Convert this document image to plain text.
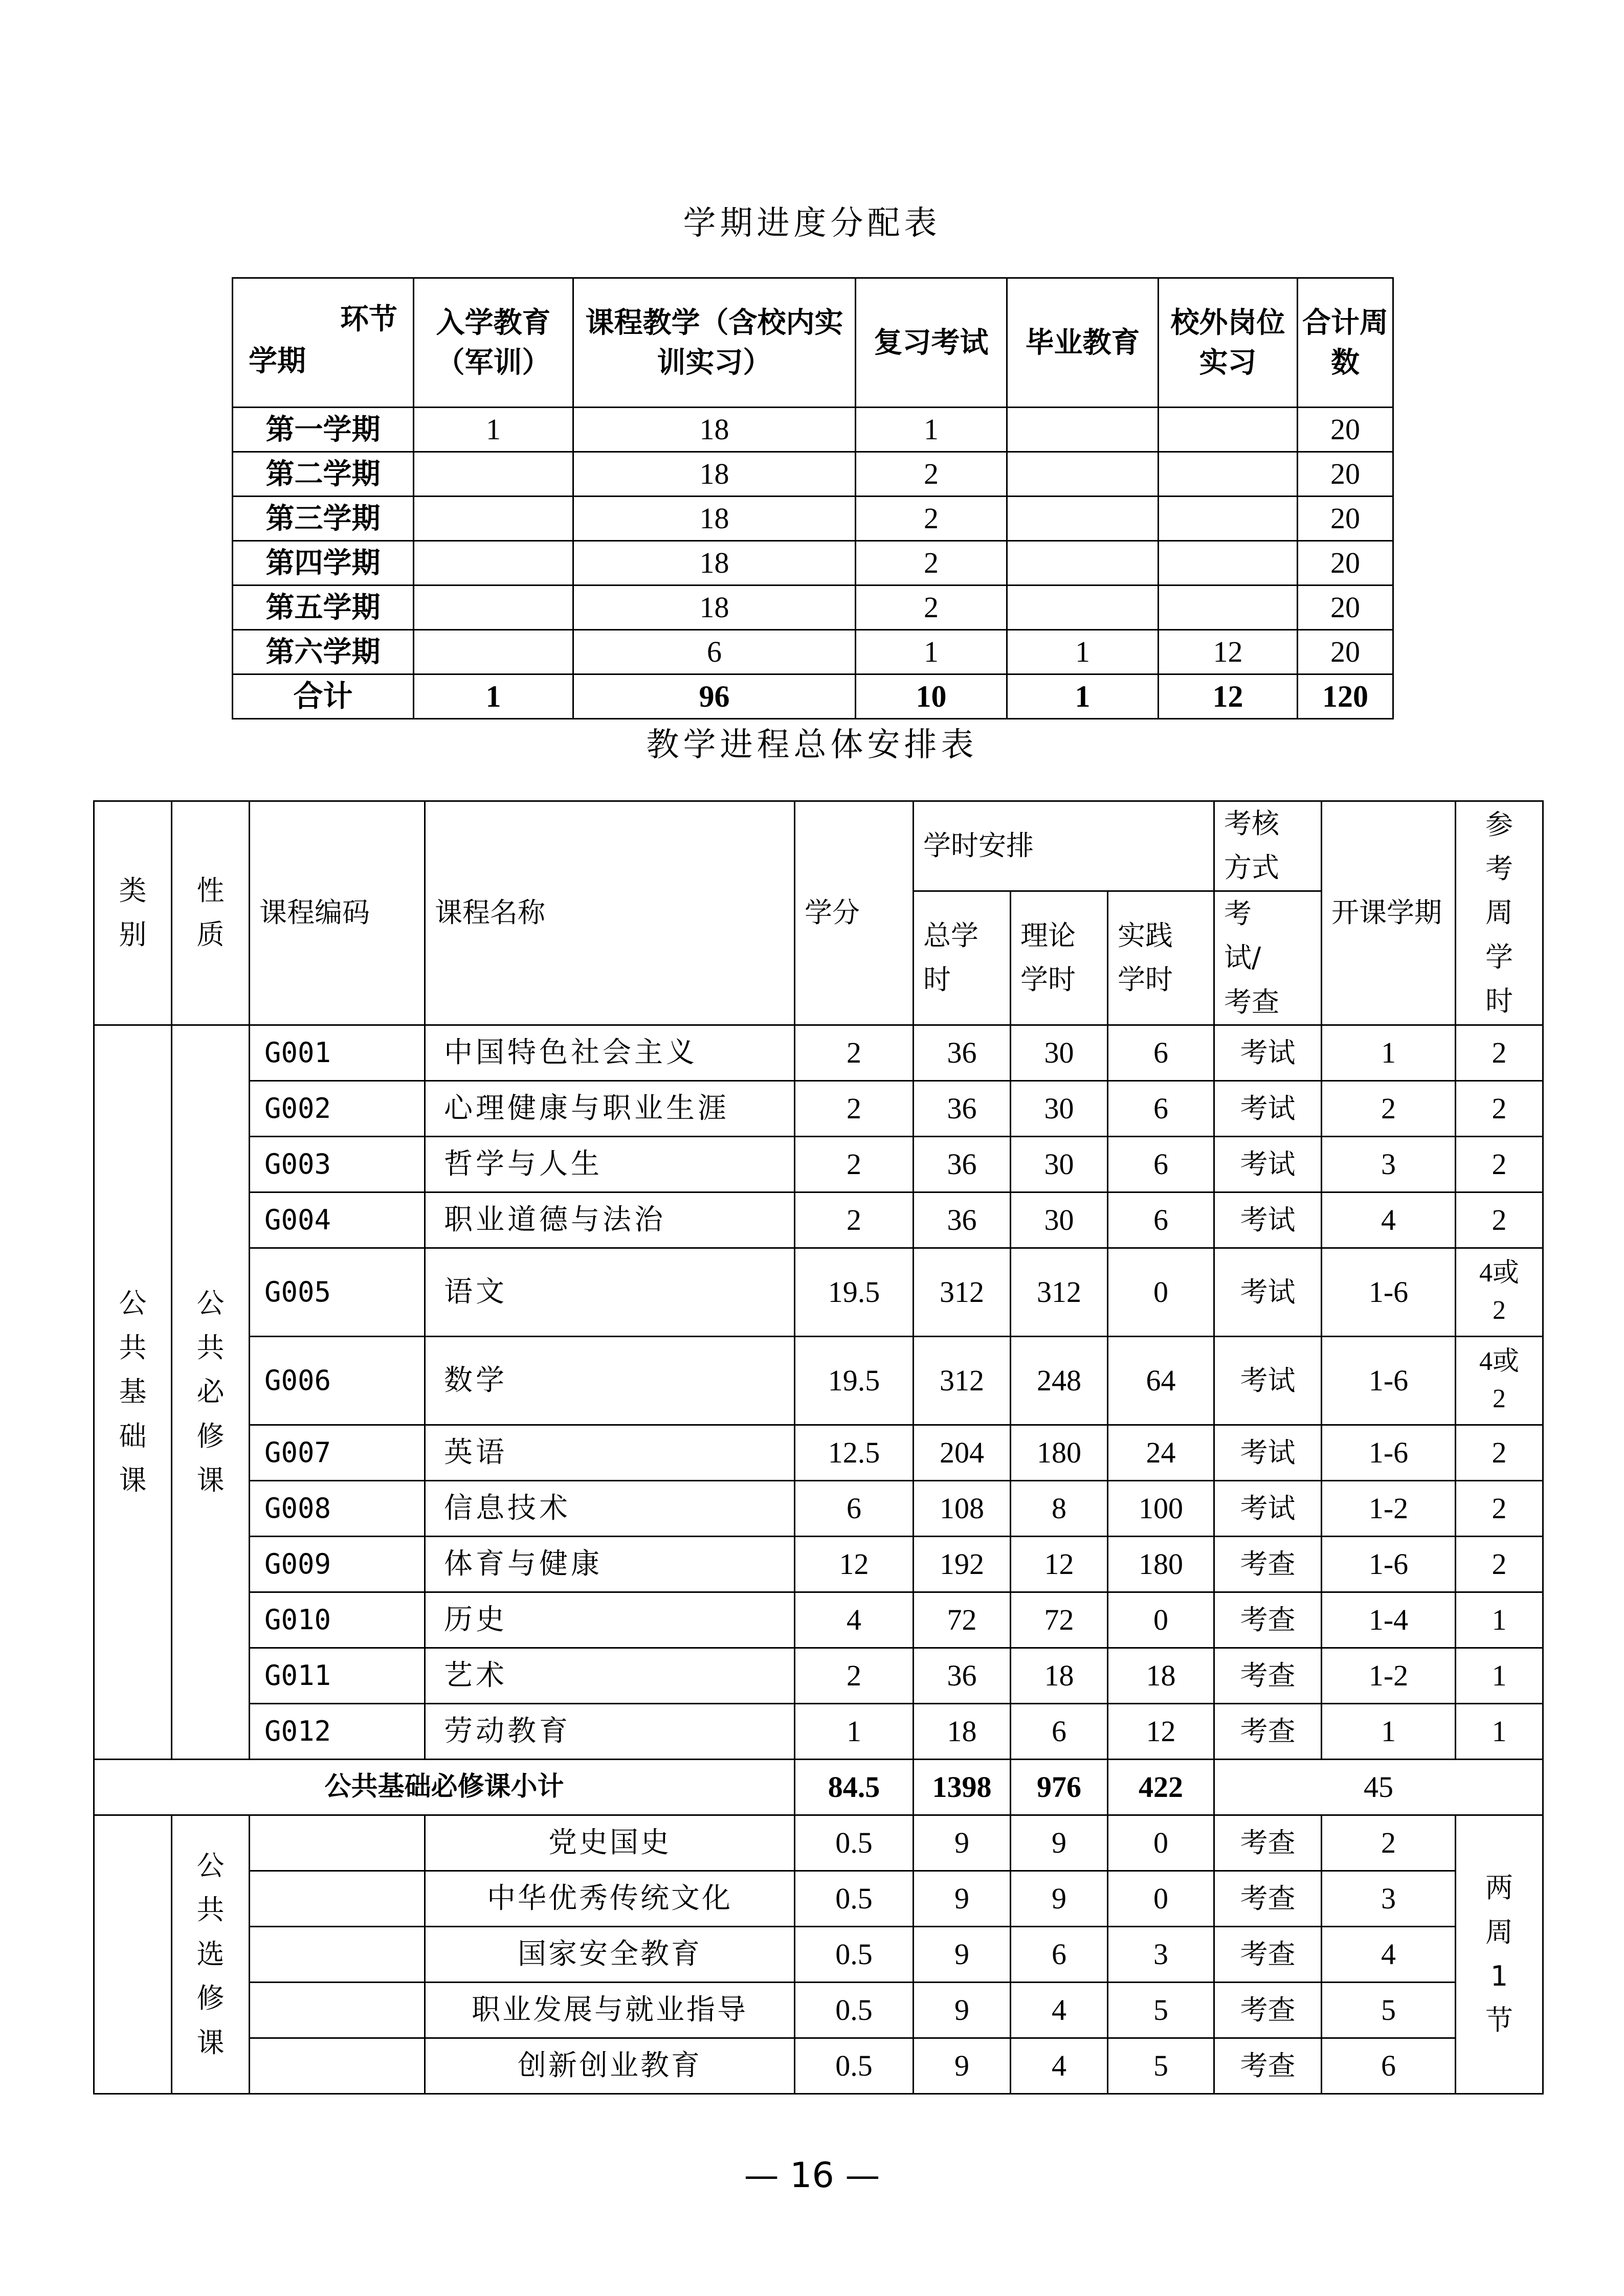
学期进度分配表
环节
学期	入学教育（军训）	课程教学（含校内实训实习）	复习考试	毕业教育	校外岗位实习	合计周数
第一学期	1	18	1			20
第二学期		18	2			20
第三学期		18	2			20
第四学期		18	2			20
第五学期		18	2			20
第六学期		6	1	1	12	20
合计	1	96	10	1	12	120
教学进程总体安排表
类别	性质	课程编码	课程名称	学分	学时安排			考核方式	开课学期	参考周学时

					总学时	理论学时	实践学时	考试/考查		

公共基础课	公共必修课	G001	中国特色社会主义	2	36	30	6	考试	1	2

		G002	心理健康与职业生涯	2	36	30	6	考试	2	2

		G003	哲学与人生	2	36	30	6	考试	3	2

		G004	职业道德与法治	2	36	30	6	考试	4	2

		G005	语文	19.5	312	312	0	考试	1-6	4或2

		G006	数学	19.5	312	248	64	考试	1-6	4或2

		G007	英语	12.5	204	180	24	考试	1-6	2

		G008	信息技术	6	108	8	100	考试	1-2	2

		G009	体育与健康	12	192	12	180	考查	1-6	2

		G010	历史	4	72	72	0	考查	1-4	1

		G011	艺术	2	36	18	18	考查	1-2	1

		G012	劳动教育	1	18	6	12	考查	1	1

公共基础必修课小计				84.5	1398	976	422	45		

	公共选修课		党史国史	0.5	9	9	0	考查	2	两周1节

			中华优秀传统文化	0.5	9	9	0	考查	3	
			国家安全教育	0.5	9	6	3	考查	4	
			职业发展与就业指导	0.5	9	4	5	考查	5	
			创新创业教育	0.5	9	4	5	考查	6	
— 16 —
